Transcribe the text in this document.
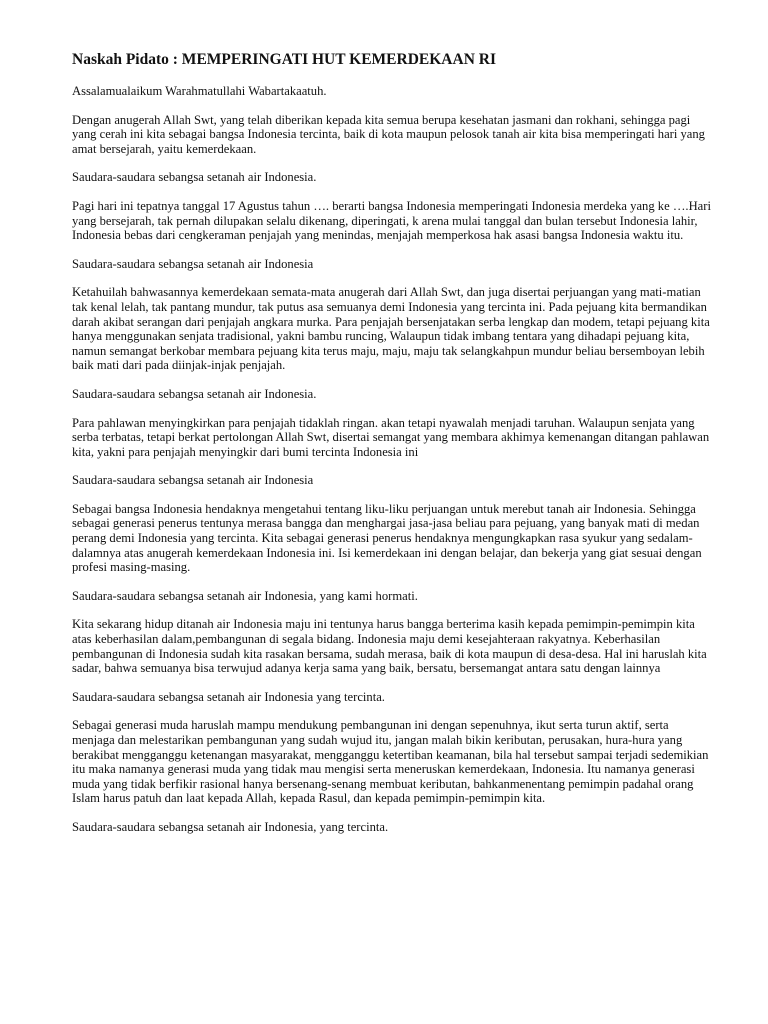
Naskah Pidato : MEMPERINGATI HUT KEMERDEKAAN RI
Assalamualaikum Warahmatullahi Wabartakaatuh.
Dengan anugerah Allah Swt, yang telah diberikan kepada kita semua berupa kesehatan jasmani dan rokhani, sehingga pagi yang cerah ini kita sebagai bangsa Indonesia tercinta, baik di kota maupun pelosok tanah air kita bisa memperingati hari yang amat bersejarah, yaitu kemerdekaan.
Saudara-saudara sebangsa setanah air Indonesia.
Pagi hari ini tepatnya tanggal 17 Agustus tahun …. berarti bangsa Indonesia memperingati Indonesia merdeka yang ke ….Hari yang bersejarah, tak pernah dilupakan selalu dikenang, diperingati, k arena mulai tanggal dan bulan tersebut Indonesia lahir, Indonesia bebas dari cengkeraman penjajah yang menindas, menjajah memperkosa hak asasi bangsa Indonesia waktu itu.
Saudara-saudara sebangsa setanah air Indonesia
Ketahuilah bahwasannya kemerdekaan semata-mata anugerah dari Allah Swt, dan juga disertai perjuangan yang mati-matian tak kenal lelah, tak pantang mundur, tak putus asa semuanya demi Indonesia yang tercinta ini. Pada pejuang kita bermandikan darah akibat serangan dari penjajah angkara murka. Para penjajah bersenjatakan serba lengkap dan modem, tetapi pejuang kita hanya menggunakan senjata tradisional, yakni bambu runcing, Walaupun tidak imbang tentara yang dihadapi pejuang kita, namun semangat berkobar membara pejuang kita terus maju, maju, maju tak selangkahpun mundur beliau bersemboyan lebih baik mati dari pada diinjak-injak penjajah.
Saudara-saudara sebangsa setanah air Indonesia.
Para pahlawan menyingkirkan para penjajah tidaklah ringan. akan tetapi nyawalah menjadi taruhan. Walaupun senjata yang serba terbatas, tetapi berkat pertolongan Allah Swt, disertai semangat yang membara akhimya kemenangan ditangan pahlawan kita, yakni para penjajah menyingkir dari bumi tercinta Indonesia ini
Saudara-saudara sebangsa setanah air Indonesia
Sebagai bangsa Indonesia hendaknya mengetahui tentang liku-liku perjuangan untuk merebut tanah air Indonesia. Sehingga sebagai generasi penerus tentunya merasa bangga dan menghargai jasa-jasa beliau para pejuang, yang banyak mati di medan perang demi Indonesia yang tercinta. Kita sebagai generasi penerus hendaknya mengungkapkan rasa syukur yang sedalam-dalamnya atas anugerah kemerdekaan Indonesia ini. Isi kemerdekaan ini dengan belajar, dan bekerja yang giat sesuai dengan profesi masing-masing.
Saudara-saudara sebangsa setanah air Indonesia, yang kami hormati.
Kita sekarang hidup ditanah air Indonesia maju ini tentunya harus bangga berterima kasih kepada pemimpin-pemimpin kita atas keberhasilan dalam,pembangunan di segala bidang. Indonesia maju demi kesejahteraan rakyatnya. Keberhasilan pembangunan di Indonesia sudah kita rasakan bersama, sudah merasa, baik di kota maupun di desa-desa. Hal ini haruslah kita sadar, bahwa semuanya bisa terwujud adanya kerja sama yang baik, bersatu, bersemangat antara satu dengan lainnya
Saudara-saudara sebangsa setanah air Indonesia yang tercinta.
Sebagai generasi muda haruslah mampu mendukung pembangunan ini dengan sepenuhnya, ikut serta turun aktif, serta menjaga dan melestarikan pembangunan yang sudah wujud itu, jangan malah bikin keributan, perusakan, hura-hura yang berakibat mengganggu ketenangan masyarakat, mengganggu ketertiban keamanan, bila hal tersebut sampai terjadi sedemikian itu maka namanya generasi muda yang tidak mau mengisi serta meneruskan kemerdekaan, Indonesia. Itu namanya generasi muda yang tidak berfikir rasional hanya bersenang-senang membuat keributan, bahkanmenentang pemimpin padahal orang Islam harus patuh dan laat kepada Allah, kepada Rasul, dan kepada pemimpin-pemimpin kita.
Saudara-saudara sebangsa setanah air Indonesia, yang tercinta.
